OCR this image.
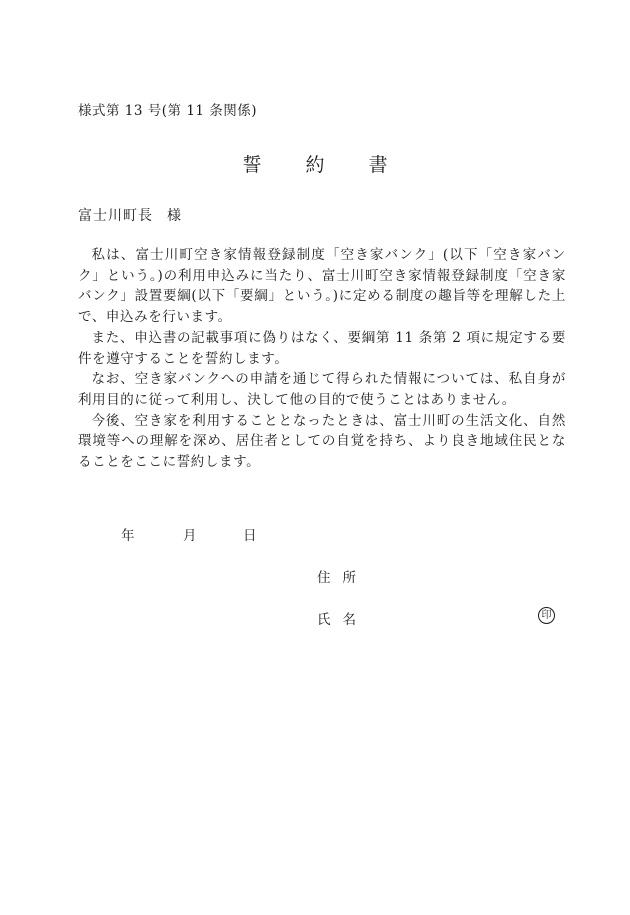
様式第 13 号(第 11 条関係)
誓 約 書
富士川町長 様

私は、富士川町空き家情報登録制度「空き家バンク」(以下「空き家バンク」という。)の利用申込みに当たり、富士川町空き家情報登録制度「空き家バンク」設置要綱(以下「要綱」という。)に定める制度の趣旨等を理解した上で、申込みを行います。

また、申込書の記載事項に偽りはなく、要綱第 11 条第 2 項に規定する要件を遵守することを誓約します。

なお、空き家バンクへの申請を通じて得られた情報については、私自身が利用目的に従って利用し、決して他の目的で使うことはありません。

今後、空き家を利用することとなったときは、富士川町の生活文化、自然環境等への理解を深め、居住者としての自覚を持ち、より良き地域住民となることをここに誓約します。

年	月	日
住所
氏名	印
